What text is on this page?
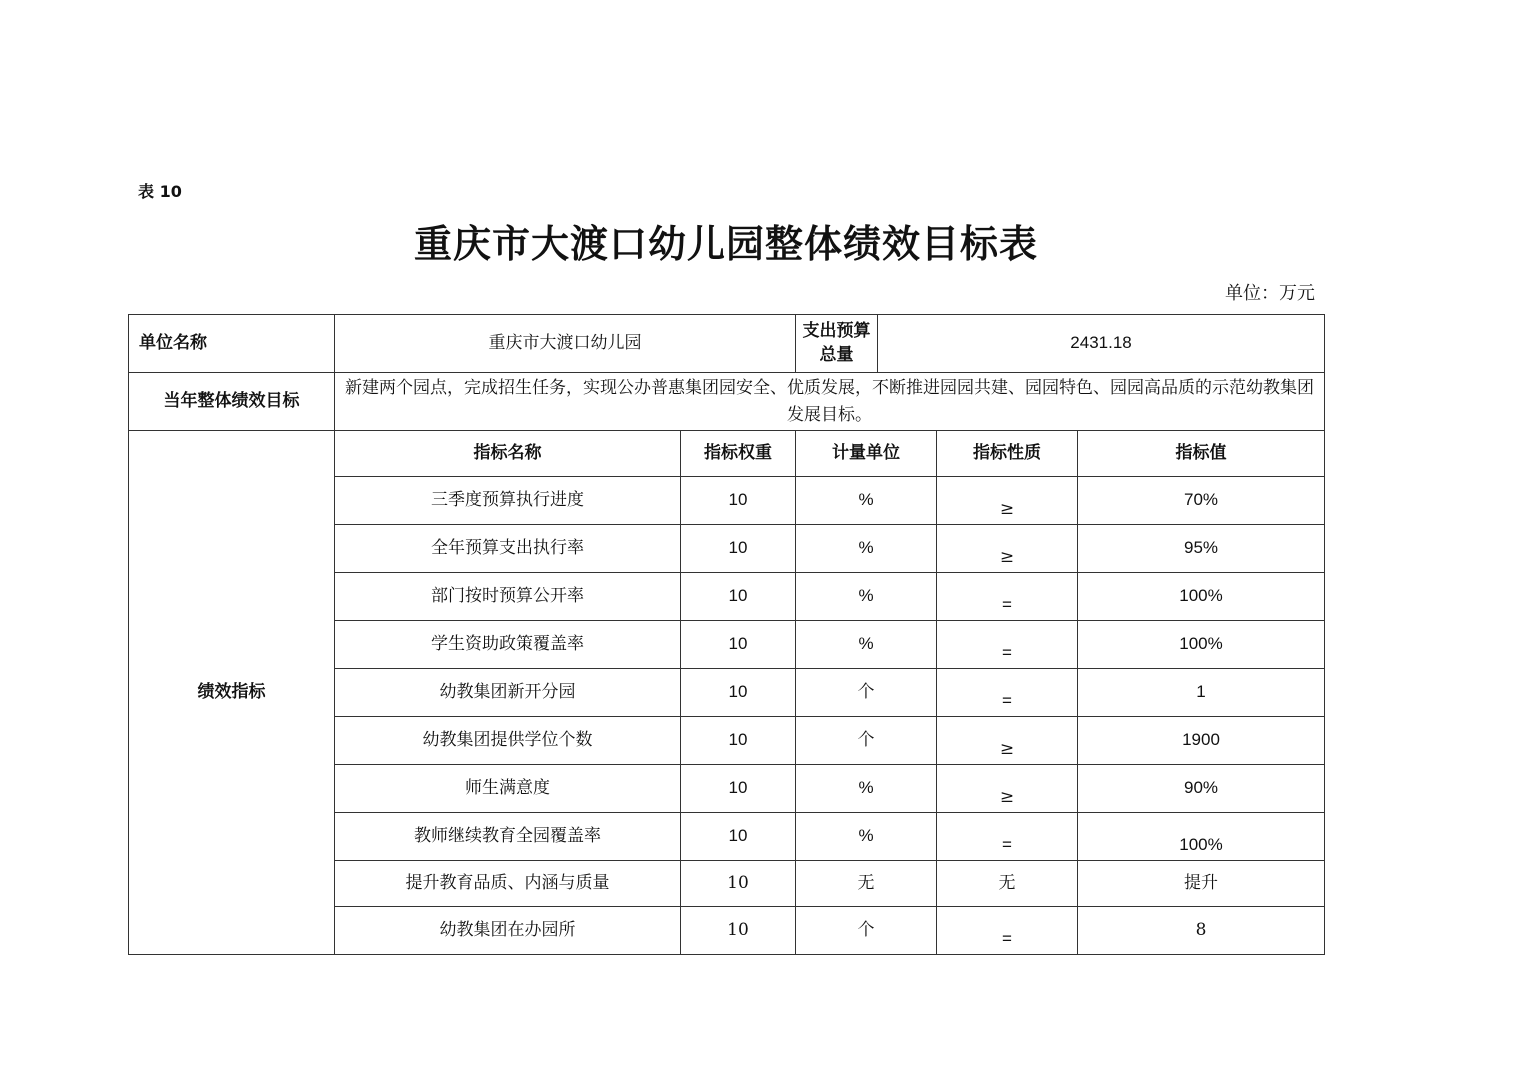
表 10
重庆市大渡口幼儿园整体绩效目标表
单位：万元
单位名称	重庆市大渡口幼儿园		支出预算总量	2431.18		
当年整体绩效目标	新建两个园点，完成招生任务，实现公办普惠集团园安全、优质发展，不断推进园园共建、园园特色、园园高品质的示范幼教集团发展目标。					
绩效指标	指标名称	指标权重	计量单位		指标性质	指标值
	三季度预算执行进度	10	%		≥	70%
	全年预算支出执行率	10	%		≥	95%
	部门按时预算公开率	10	%		=	100%
	学生资助政策覆盖率	10	%		=	100%
	幼教集团新开分园	10	个		=	1
	幼教集团提供学位个数	10	个		≥	1900
	师生满意度	10	%		≥	90%
	教师继续教育全园覆盖率	10	%		=	100%
	提升教育品质、内涵与质量	10	无		无	提升
	幼教集团在办园所	10	个		=	8
